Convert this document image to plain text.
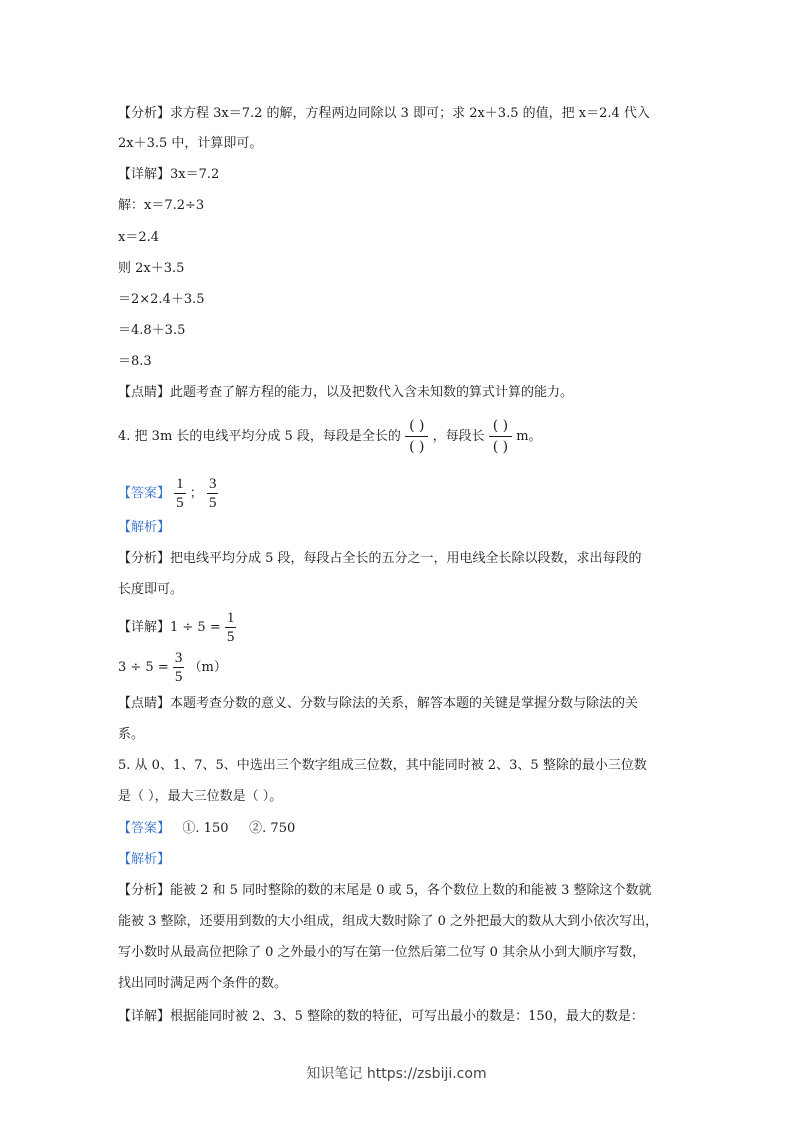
【分析】求方程 3x＝7.2 的解，方程两边同除以 3 即可；求 2x＋3.5 的值，把 x＝2.4 代入
2x＋3.5 中，计算即可。
【详解】3x＝7.2
解：x＝7.2÷3
x＝2.4
则 2x＋3.5
＝2×2.4＋3.5
＝4.8＋3.5
＝8.3
【点睛】此题考查了解方程的能力，以及把数代入含未知数的算式计算的能力。
4. 把 3m 长的电线平均分成 5 段，每段是全长的 $\frac{( )}{( )}$ ，每段长 $\frac{( )}{( )}$ m。
【答案】 $\frac{1}{5}$ ； $\frac{3}{5}$
【解析】
【分析】把电线平均分成 5 段，每段占全长的五分之一，用电线全长除以段数，求出每段的
长度即可。
【详解】$1 \div 5 = \frac{1}{5}$
$3 \div 5 = \frac{3}{5} (m)$
【点睛】本题考查分数的意义、分数与除法的关系，解答本题的关键是掌握分数与除法的关
系。
5. 从 0、1、7、5、中选出三个数字组成三位数，其中能同时被 2、3、5 整除的最小三位数
是（ ），最大三位数是（ ）。
【答案】   ①. 150     ②. 750
【解析】
【分析】能被 2 和 5 同时整除的数的末尾是 0 或 5，各个数位上数的和能被 3 整除这个数就
能被 3 整除，还要用到数的大小组成，组成大数时除了 0 之外把最大的数从大到小依次写出，
写小数时从最高位把除了 0 之外最小的写在第一位然后第二位写 0 其余从小到大顺序写数，
找出同时满足两个条件的数。
【详解】根据能同时被 2、3、5 整除的数的特征，可写出最小的数是：150，最大的数是：
知识笔记 https://zsbiji.com
